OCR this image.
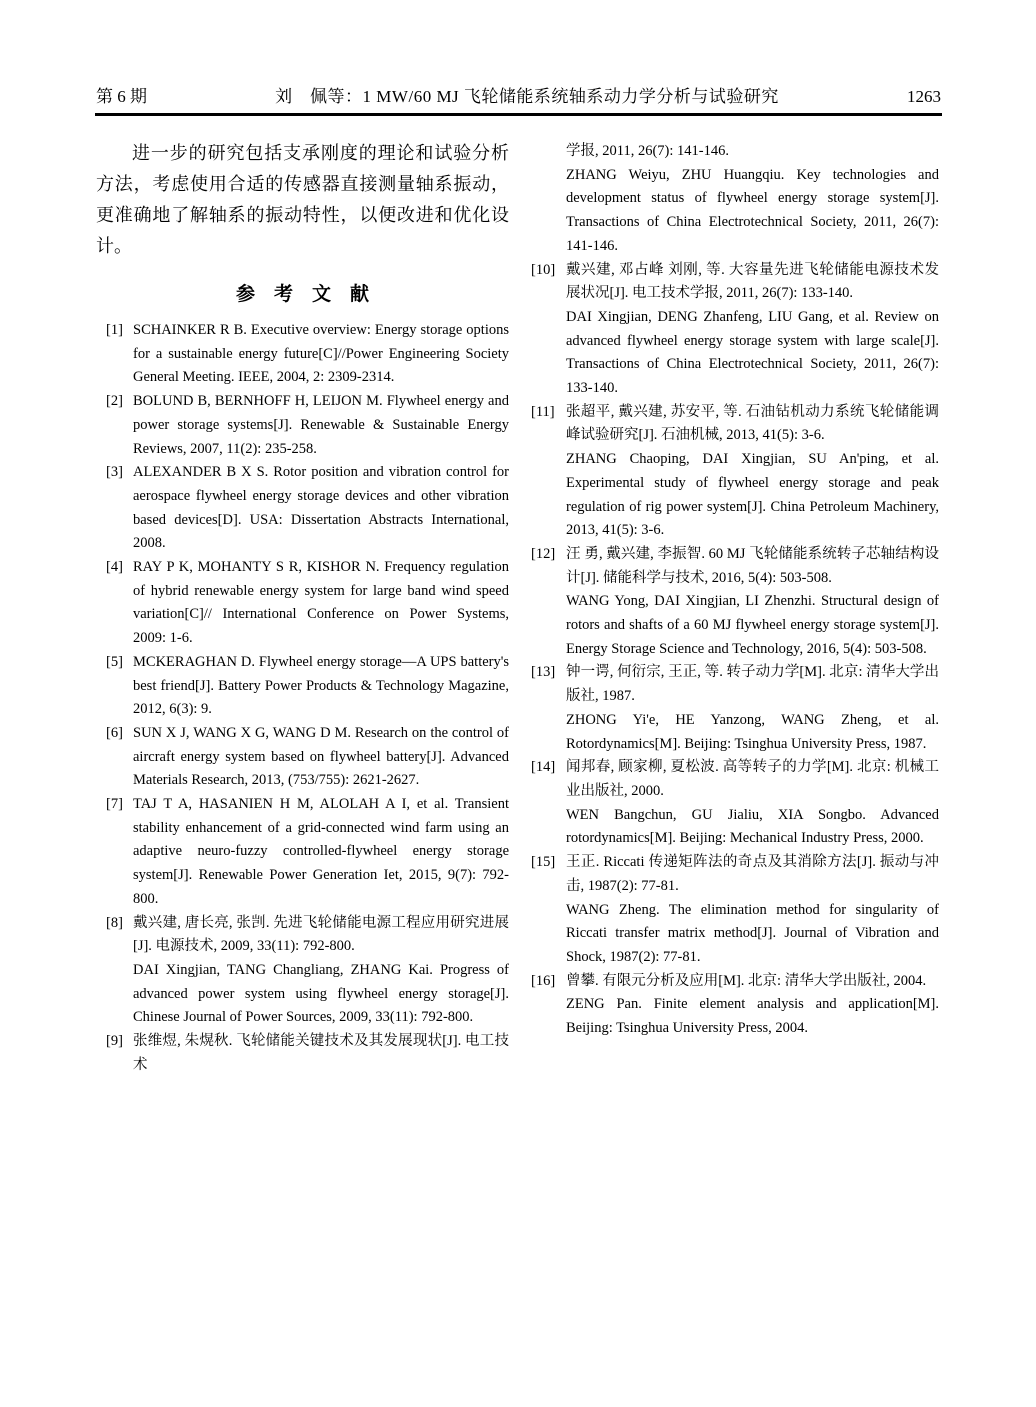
第 6 期	刘　佩等：1 MW/60 MJ 飞轮储能系统轴系动力学分析与试验研究	1263

进一步的研究包括支承刚度的理论和试验分析方法，考虑使用合适的传感器直接测量轴系振动，更准确地了解轴系的振动特性，以便改进和优化设计。

参　考　文　献
[1] SCHAINKER R B. Executive overview: Energy storage options for a sustainable energy future[C]//Power Engineering Society General Meeting. IEEE, 2004, 2: 2309-2314.

[2] BOLUND B, BERNHOFF H, LEIJON M. Flywheel energy and power storage systems[J]. Renewable & Sustainable Energy Reviews, 2007, 11(2): 235-258.

[3] ALEXANDER B X S. Rotor position and vibration control for aerospace flywheel energy storage devices and other vibration based devices[D]. USA: Dissertation Abstracts International, 2008.

[4] RAY P K, MOHANTY S R, KISHOR N. Frequency regulation of hybrid renewable energy system for large band wind speed variation[C]// International Conference on Power Systems, 2009: 1-6.

[5] MCKERAGHAN D. Flywheel energy storage—A UPS battery's best friend[J]. Battery Power Products & Technology Magazine, 2012, 6(3): 9.

[6] SUN X J, WANG X G, WANG D M. Research on the control of aircraft energy system based on flywheel battery[J]. Advanced Materials Research, 2013, (753/755): 2621-2627.

[7] TAJ T A, HASANIEN H M, ALOLAH A I, et al. Transient stability enhancement of a grid-connected wind farm using an adaptive neuro-fuzzy controlled-flywheel energy storage system[J]. Renewable Power Generation Iet, 2015, 9(7): 792-800.

[8] 戴兴建, 唐长亮, 张剀. 先进飞轮储能电源工程应用研究进展[J]. 电源技术, 2009, 33(11): 792-800.

DAI Xingjian, TANG Changliang, ZHANG Kai. Progress of advanced power system using flywheel energy storage[J]. Chinese Journal of Power Sources, 2009, 33(11): 792-800.

[9] 张维煜, 朱熀秋. 飞轮储能关键技术及其发展现状[J]. 电工技术

学报, 2011, 26(7): 141-146.

ZHANG Weiyu, ZHU Huangqiu. Key technologies and development status of flywheel energy storage system[J]. Transactions of China Electrotechnical Society, 2011, 26(7): 141-146.

[10] 戴兴建, 邓占峰 刘刚, 等. 大容量先进飞轮储能电源技术发展状况[J]. 电工技术学报, 2011, 26(7): 133-140.

DAI Xingjian, DENG Zhanfeng, LIU Gang, et al. Review on advanced flywheel energy storage system with large scale[J]. Transactions of China Electrotechnical Society, 2011, 26(7): 133-140.

[11] 张超平, 戴兴建, 苏安平, 等. 石油钻机动力系统飞轮储能调峰试验研究[J]. 石油机械, 2013, 41(5): 3-6.

ZHANG Chaoping, DAI Xingjian, SU An'ping, et al. Experimental study of flywheel energy storage and peak regulation of rig power system[J]. China Petroleum Machinery, 2013, 41(5): 3-6.

[12] 汪 勇, 戴兴建, 李振智. 60 MJ 飞轮储能系统转子芯轴结构设计[J]. 储能科学与技术, 2016, 5(4): 503-508.

WANG Yong, DAI Xingjian, LI Zhenzhi. Structural design of rotors and shafts of a 60 MJ flywheel energy storage system[J]. Energy Storage Science and Technology, 2016, 5(4): 503-508.

[13] 钟一谔, 何衍宗, 王正, 等. 转子动力学[M]. 北京: 清华大学出版社, 1987.

ZHONG Yi'e, HE Yanzong, WANG Zheng, et al. Rotordynamics[M]. Beijing: Tsinghua University Press, 1987.

[14] 闻邦春, 顾家柳, 夏松波. 高等转子的力学[M]. 北京: 机械工业出版社, 2000.

WEN Bangchun, GU Jialiu, XIA Songbo. Advanced rotordynamics[M]. Beijing: Mechanical Industry Press, 2000.

[15] 王正. Riccati 传递矩阵法的奇点及其消除方法[J]. 振动与冲击, 1987(2): 77-81.

WANG Zheng. The elimination method for singularity of Riccati transfer matrix method[J]. Journal of Vibration and Shock, 1987(2): 77-81.

[16] 曾攀. 有限元分析及应用[M]. 北京: 清华大学出版社, 2004.

ZENG Pan. Finite element analysis and application[M]. Beijing: Tsinghua University Press, 2004.
